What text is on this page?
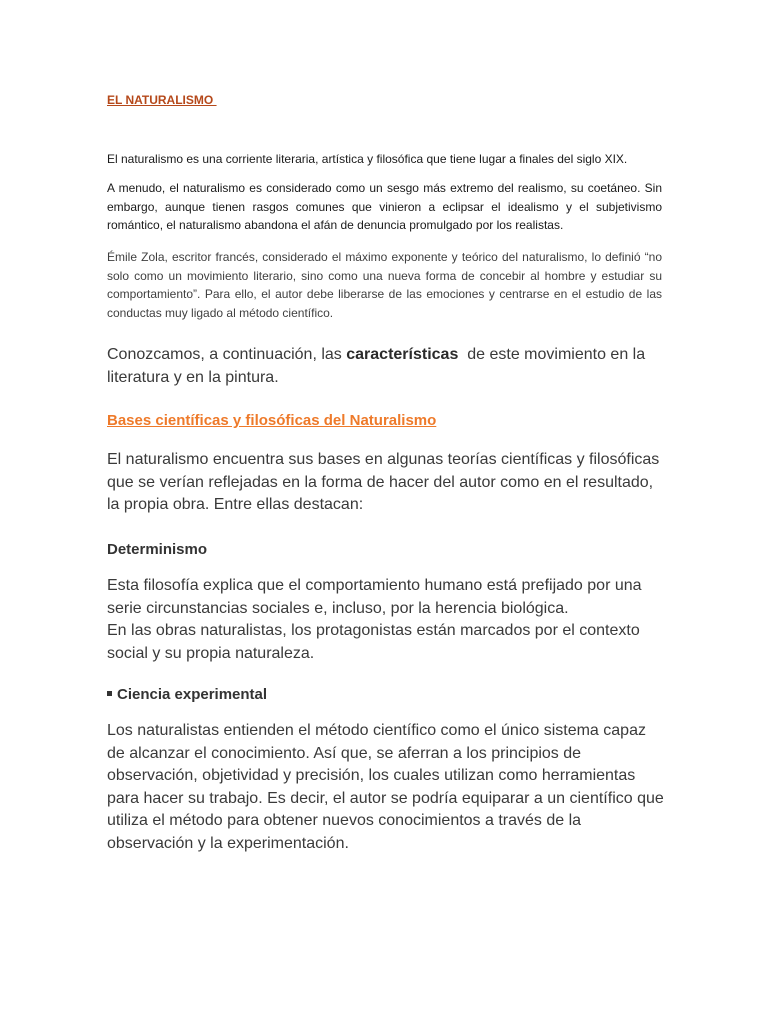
EL NATURALISMO

El naturalismo es una corriente literaria, artística y filosófica que tiene lugar a finales del siglo XIX.

A menudo, el naturalismo es considerado como un sesgo más extremo del realismo, su coetáneo. Sin embargo, aunque tienen rasgos comunes que vinieron a eclipsar el idealismo y el subjetivismo romántico, el naturalismo abandona el afán de denuncia promulgado por los realistas.

Émile Zola, escritor francés, considerado el máximo exponente y teórico del naturalismo, lo definió “no solo como un movimiento literario, sino como una nueva forma de concebir al hombre y estudiar su comportamiento”. Para ello, el autor debe liberarse de las emociones y centrarse en el estudio de las conductas muy ligado al método científico.

Conozcamos, a continuación, las características  de este movimiento en la literatura y en la pintura.

Bases científicas y filosóficas del Naturalismo

El naturalismo encuentra sus bases en algunas teorías científicas y filosóficas que se verían reflejadas en la forma de hacer del autor como en el resultado, la propia obra. Entre ellas destacan:

Determinismo

Esta filosofía explica que el comportamiento humano está prefijado por una serie circunstancias sociales e, incluso, por la herencia biológica.

En las obras naturalistas, los protagonistas están marcados por el contexto social y su propia naturaleza.

Ciencia experimental

Los naturalistas entienden el método científico como el único sistema capaz de alcanzar el conocimiento. Así que, se aferran a los principios de observación, objetividad y precisión, los cuales utilizan como herramientas para hacer su trabajo. Es decir, el autor se podría equiparar a un científico que utiliza el método para obtener nuevos conocimientos a través de la observación y la experimentación.
